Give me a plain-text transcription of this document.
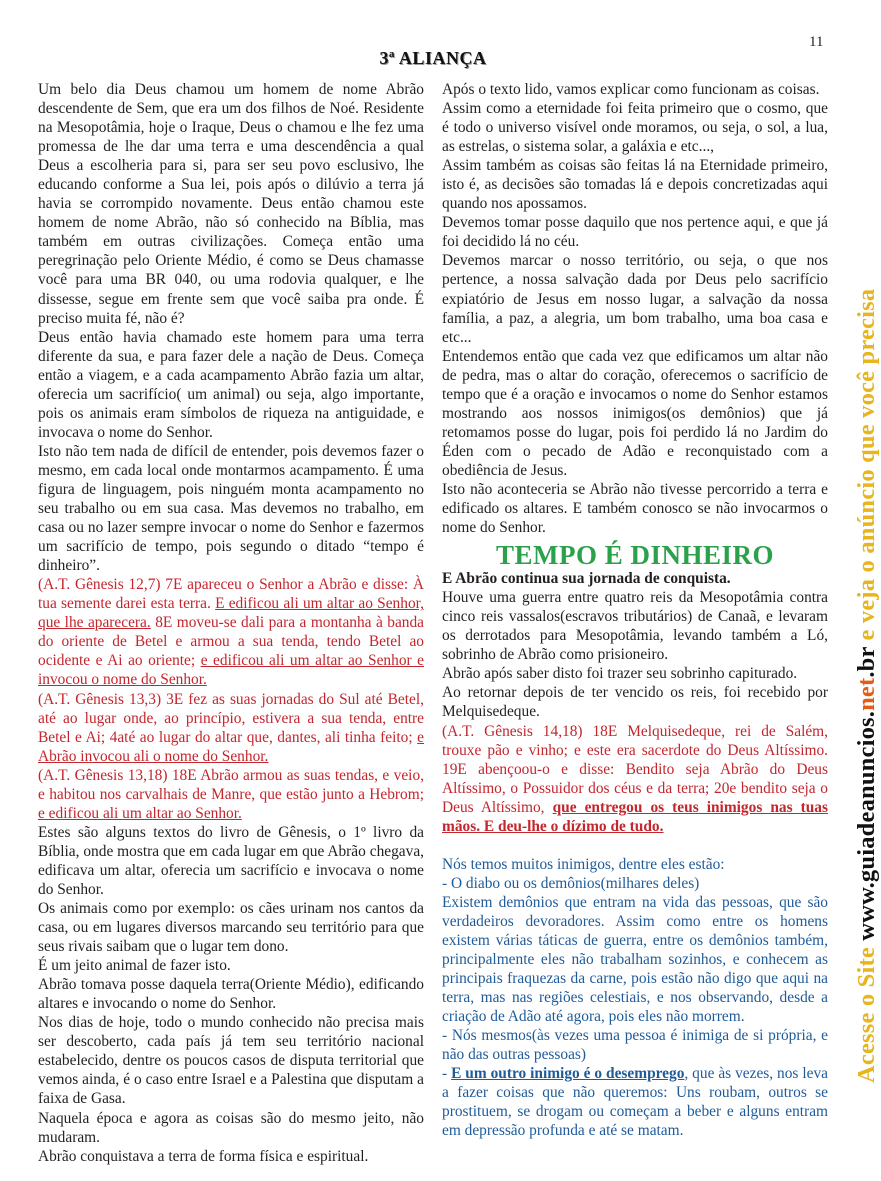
11
3ª ALIANÇA

Um belo dia Deus chamou um homem de nome Abrão descendente de Sem, que era um dos filhos de Noé. Residente na Mesopotâmia, hoje o Iraque, Deus o chamou e lhe fez uma promessa de lhe dar uma terra e uma descendência a qual Deus a escolheria para si, para ser seu povo esclusivo, lhe educando conforme a Sua lei, pois após o dilúvio a terra já havia se corrompido novamente. Deus então chamou este homem de nome Abrão, não só conhecido na Bíblia, mas também em outras civilizações. Começa então uma peregrinação pelo Oriente Médio, é como se Deus chamasse você para uma BR 040, ou uma rodovia qualquer, e lhe dissesse, segue em frente sem que você saiba pra onde. É preciso muita fé, não é?

Deus então havia chamado este homem para uma terra diferente da sua, e para fazer dele a nação de Deus. Começa então a viagem, e a cada acampamento Abrão fazia um altar, oferecia um sacrifício( um animal) ou seja, algo importante, pois os animais eram símbolos de riqueza na antiguidade, e invocava o nome do Senhor.

Isto não tem nada de difícil de entender, pois devemos fazer o mesmo, em cada local onde montarmos acampamento. É uma figura de linguagem, pois ninguém monta acampamento no seu trabalho ou em sua casa. Mas devemos no trabalho, em casa ou no lazer sempre invocar o nome do Senhor e fazermos um sacrifício de tempo, pois segundo o ditado “tempo é dinheiro”.

(A.T. Gênesis 12,7) 7E apareceu o Senhor a Abrão e disse: À tua semente darei esta terra. E edificou ali um altar ao Senhor, que lhe aparecera. 8E moveu-se dali para a montanha à banda do oriente de Betel e armou a sua tenda, tendo Betel ao ocidente e Ai ao oriente; e edificou ali um altar ao Senhor e invocou o nome do Senhor.

(A.T. Gênesis 13,3) 3E fez as suas jornadas do Sul até Betel, até ao lugar onde, ao princípio, estivera a sua tenda, entre Betel e Ai; 4até ao lugar do altar que, dantes, ali tinha feito; e Abrão invocou ali o nome do Senhor.

(A.T. Gênesis 13,18) 18E Abrão armou as suas tendas, e veio, e habitou nos carvalhais de Manre, que estão junto a Hebrom; e edificou ali um altar ao Senhor.

Estes são alguns textos do livro de Gênesis, o 1º livro da Bíblia, onde mostra que em cada lugar em que Abrão chegava, edificava um altar, oferecia um sacrifício e invocava o nome do Senhor.

Os animais como por exemplo: os cães urinam nos cantos da casa, ou em lugares diversos marcando seu território para que seus rivais saibam que o lugar tem dono.

É um jeito animal de fazer isto.

Abrão tomava posse daquela terra(Oriente Médio), edificando altares e invocando o nome do Senhor.

Nos dias de hoje, todo o mundo conhecido não precisa mais ser descoberto, cada país já tem seu território nacional estabelecido, dentre os poucos casos de disputa territorial que vemos ainda, é o caso entre Israel e a Palestina que disputam a faixa de Gasa.

Naquela época e agora as coisas são do mesmo jeito, não mudaram.

Abrão conquistava a terra de forma física e espiritual.

Após o texto lido, vamos explicar como funcionam as coisas.

Assim como a eternidade foi feita primeiro que o cosmo, que é todo o universo visível onde moramos, ou seja, o sol, a lua, as estrelas, o sistema solar, a galáxia e etc...,

Assim também as coisas são feitas lá na Eternidade primeiro, isto é, as decisões são tomadas lá e depois concretizadas aqui quando nos apossamos.

Devemos tomar posse daquilo que nos pertence aqui, e que já foi decidido lá no céu.

Devemos marcar o nosso território, ou seja, o que nos pertence, a nossa salvação dada por Deus pelo sacrifício expiatório de Jesus em nosso lugar, a salvação da nossa família, a paz, a alegria, um bom trabalho, uma boa casa e etc...

Entendemos então que cada vez que edificamos um altar não de pedra, mas o altar do coração, oferecemos o sacrifício de tempo que é a oração e invocamos o nome do Senhor estamos mostrando aos nossos inimigos(os demônios) que já retomamos posse do lugar, pois foi perdido lá no Jardim do Éden com o pecado de Adão e reconquistado com a obediência de Jesus.

Isto não aconteceria se Abrão não tivesse percorrido a terra e edificado os altares. E também conosco se não invocarmos o nome do Senhor.

TEMPO É DINHEIRO

E Abrão continua sua jornada de conquista.

Houve uma guerra entre quatro reis da Mesopotâmia contra cinco reis vassalos(escravos tributários) de Canaã, e levaram os derrotados para Mesopotâmia, levando também a Ló, sobrinho de Abrão como prisioneiro.

Abrão após saber disto foi trazer seu sobrinho capiturado.

Ao retornar depois de ter vencido os reis, foi recebido por Melquisedeque.

(A.T. Gênesis 14,18) 18E Melquisedeque, rei de Salém, trouxe pão e vinho; e este era sacerdote do Deus Altíssimo. 19E abençoou-o e disse: Bendito seja Abrão do Deus Altíssimo, o Possuidor dos céus e da terra; 20e bendito seja o Deus Altíssimo, que entregou os teus inimigos nas tuas mãos. E deu-lhe o dízimo de tudo.

Nós temos muitos inimigos, dentre eles estão:

- O diabo ou os demônios(milhares deles)

Existem demônios que entram na vida das pessoas, que são verdadeiros devoradores. Assim como entre os homens existem várias táticas de guerra, entre os demônios também, principalmente eles não trabalham sozinhos, e conhecem as principais fraquezas da carne, pois estão não digo que aqui na terra, mas nas regiões celestiais, e nos observando, desde a criação de Adão até agora, pois eles não morrem.

- Nós mesmos(às vezes uma pessoa é inimiga de si própria, e não das outras pessoas)

- E um outro inimigo é o desemprego, que às vezes, nos leva a fazer coisas que não queremos: Uns roubam, outros se prostituem, se drogam ou começam a beber e alguns entram em depressão profunda e até se matam.

Acesse o Site www.guiadeanuncios.net.br e veja o anúncio que você precisa
